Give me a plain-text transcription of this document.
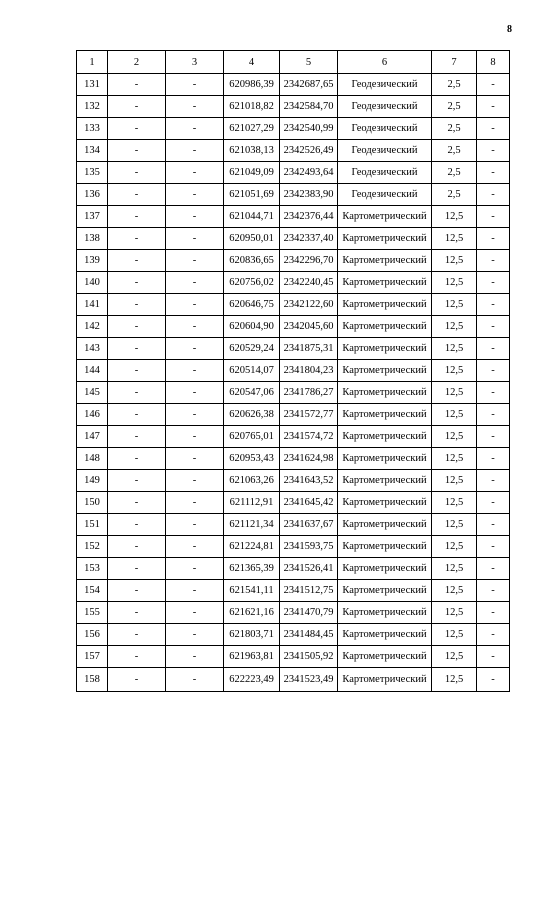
8
1	2	3	4	5	6	7	8
131	-	-	620986,39	2342687,65	Геодезический	2,5	-
132	-	-	621018,82	2342584,70	Геодезический	2,5	-
133	-	-	621027,29	2342540,99	Геодезический	2,5	-
134	-	-	621038,13	2342526,49	Геодезический	2,5	-
135	-	-	621049,09	2342493,64	Геодезический	2,5	-
136	-	-	621051,69	2342383,90	Геодезический	2,5	-
137	-	-	621044,71	2342376,44	Картометрический	12,5	-
138	-	-	620950,01	2342337,40	Картометрический	12,5	-
139	-	-	620836,65	2342296,70	Картометрический	12,5	-
140	-	-	620756,02	2342240,45	Картометрический	12,5	-
141	-	-	620646,75	2342122,60	Картометрический	12,5	-
142	-	-	620604,90	2342045,60	Картометрический	12,5	-
143	-	-	620529,24	2341875,31	Картометрический	12,5	-
144	-	-	620514,07	2341804,23	Картометрический	12,5	-
145	-	-	620547,06	2341786,27	Картометрический	12,5	-
146	-	-	620626,38	2341572,77	Картометрический	12,5	-
147	-	-	620765,01	2341574,72	Картометрический	12,5	-
148	-	-	620953,43	2341624,98	Картометрический	12,5	-
149	-	-	621063,26	2341643,52	Картометрический	12,5	-
150	-	-	621112,91	2341645,42	Картометрический	12,5	-
151	-	-	621121,34	2341637,67	Картометрический	12,5	-
152	-	-	621224,81	2341593,75	Картометрический	12,5	-
153	-	-	621365,39	2341526,41	Картометрический	12,5	-
154	-	-	621541,11	2341512,75	Картометрический	12,5	-
155	-	-	621621,16	2341470,79	Картометрический	12,5	-
156	-	-	621803,71	2341484,45	Картометрический	12,5	-
157	-	-	621963,81	2341505,92	Картометрический	12,5	-
158	-	-	622223,49	2341523,49	Картометрический	12,5	-
